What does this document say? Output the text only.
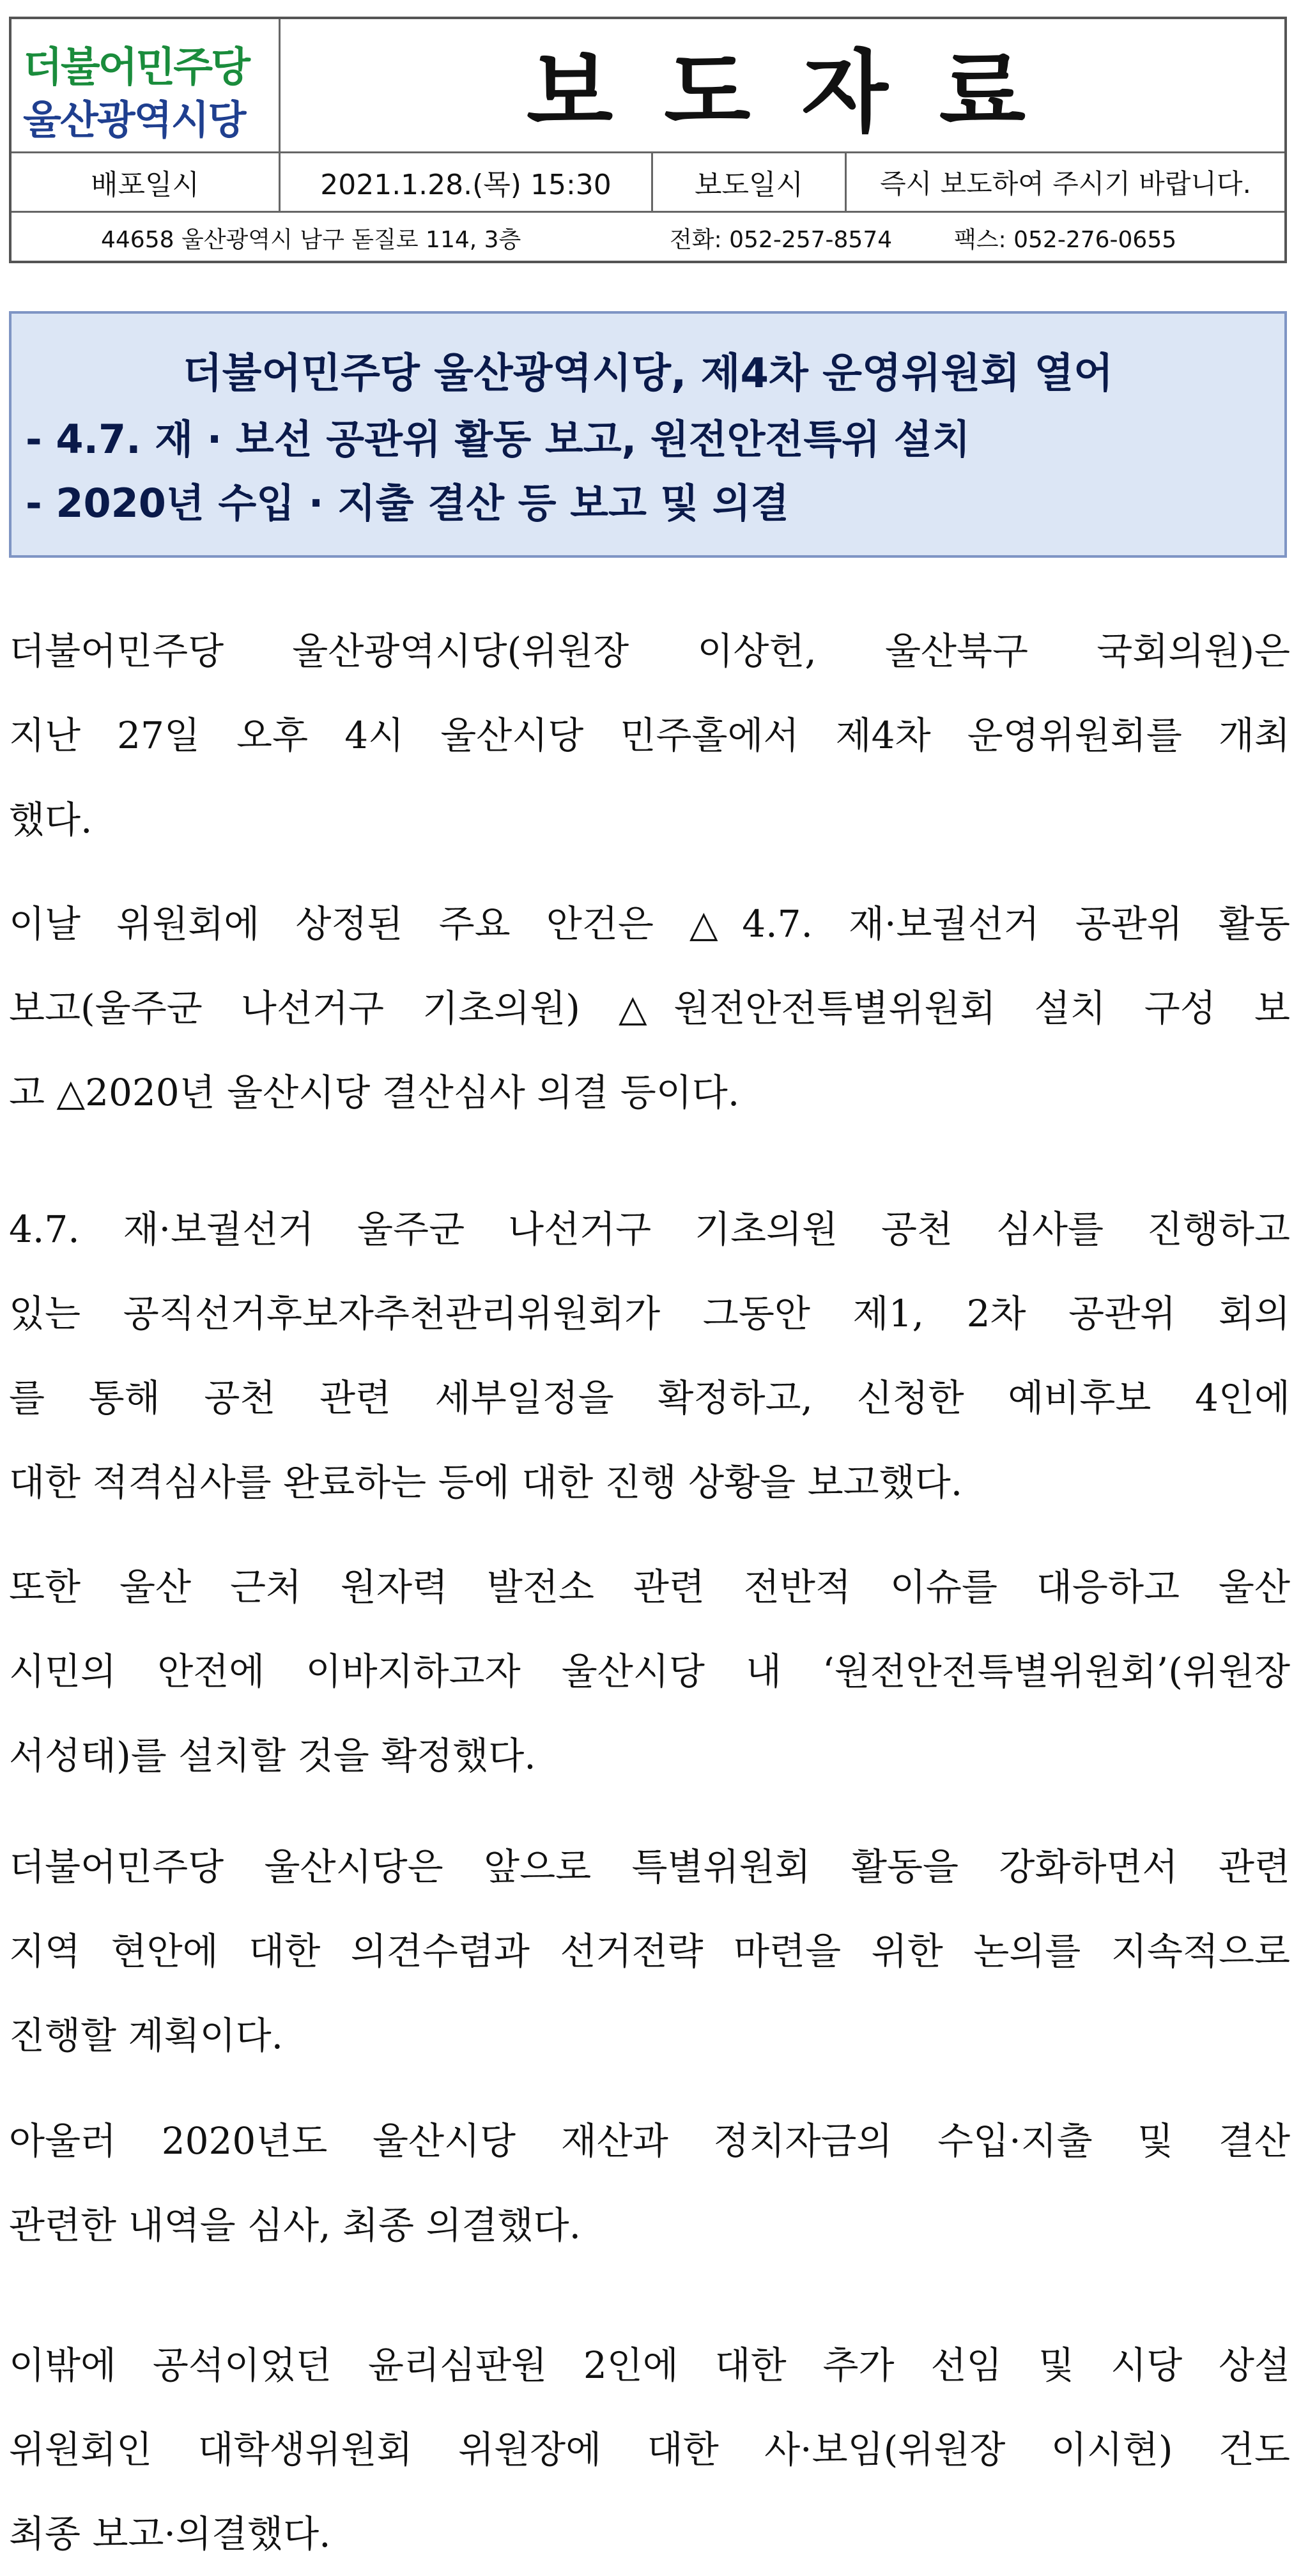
더불어민주당
울산광역시당	보도자료
배포일시	2021.1.28.(목) 15:30	보도일시	즉시 보도하여 주시기 바랍니다.
44658 울산광역시 남구 돋질로 114, 3층	전화: 052-257-8574	팩스: 052-276-0655
더불어민주당 울산광역시당, 제4차 운영위원회 열어
- 4.7. 재 · 보선 공관위 활동 보고, 원전안전특위 설치
- 2020년 수입 · 지출 결산 등 보고 및 의결
더불어민주당 울산광역시당(위원장 이상헌, 울산북구 국회의원)은
지난 27일 오후 4시 울산시당 민주홀에서 제4차 운영위원회를 개최
했다.
이날 위원회에 상정된 주요 안건은 △4.7. 재·보궐선거 공관위 활동
보고(울주군 나선거구 기초의원) △원전안전특별위원회 설치 구성 보
고 △2020년 울산시당 결산심사 의결 등이다.
4.7. 재·보궐선거 울주군 나선거구 기초의원 공천 심사를 진행하고
있는 공직선거후보자추천관리위원회가 그동안 제1, 2차 공관위 회의
를 통해 공천 관련 세부일정을 확정하고, 신청한 예비후보 4인에
대한 적격심사를 완료하는 등에 대한 진행 상황을 보고했다.
또한 울산 근처 원자력 발전소 관련 전반적 이슈를 대응하고 울산
시민의 안전에 이바지하고자 울산시당 내 ‘원전안전특별위원회’(위원장
서성태)를 설치할 것을 확정했다.
더불어민주당 울산시당은 앞으로 특별위원회 활동을 강화하면서 관련
지역 현안에 대한 의견수렴과 선거전략 마련을 위한 논의를 지속적으로
진행할 계획이다.
아울러 2020년도 울산시당 재산과 정치자금의 수입·지출 및 결산
관련한 내역을 심사, 최종 의결했다.
이밖에 공석이었던 윤리심판원 2인에 대한 추가 선임 및 시당 상설
위원회인 대학생위원회 위원장에 대한 사·보임(위원장 이시현) 건도
최종 보고·의결했다.
